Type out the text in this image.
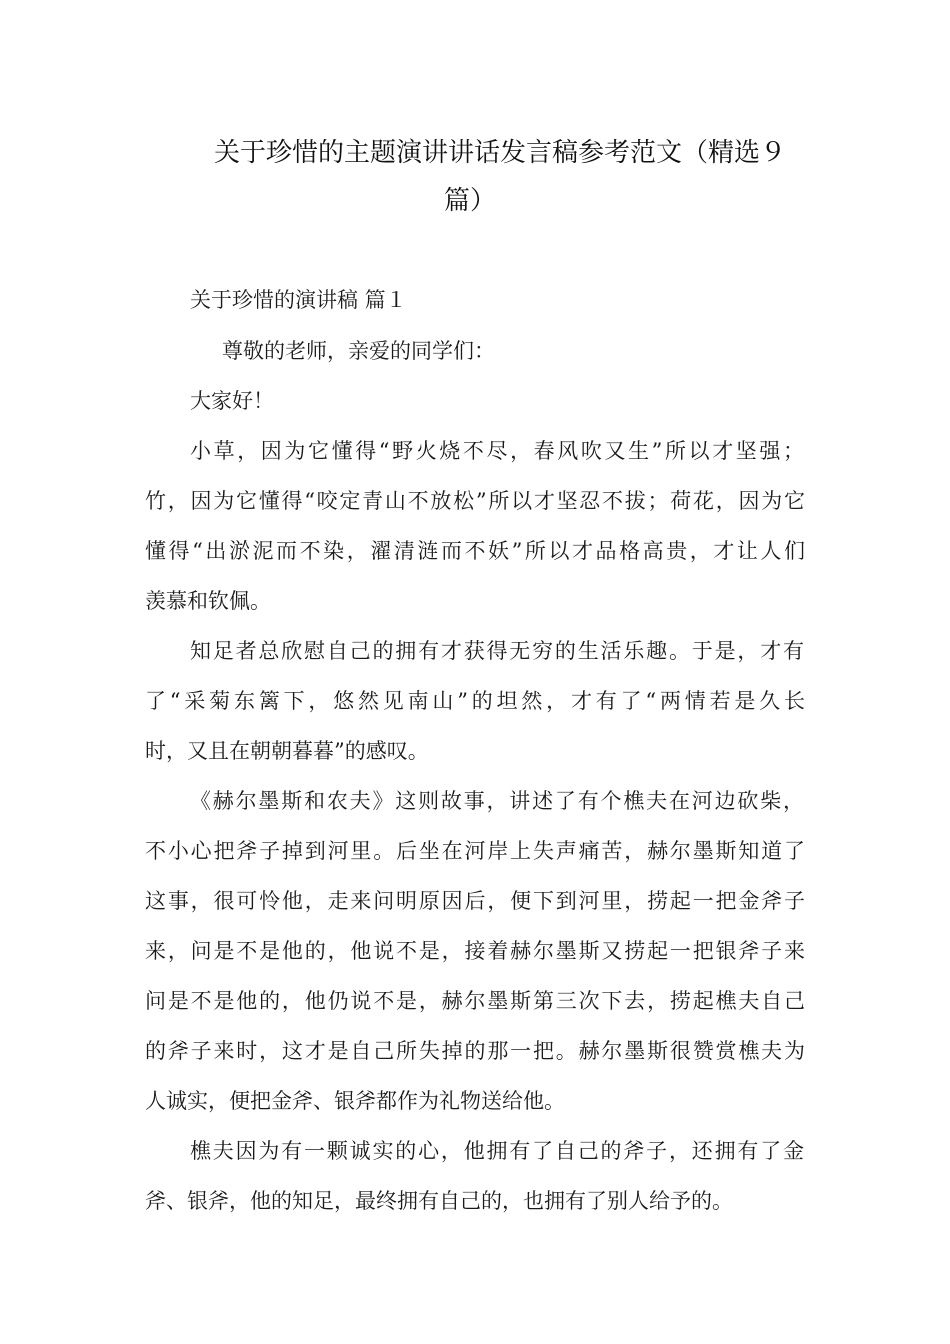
关于珍惜的主题演讲讲话发言稿参考范文（精选９
篇）

关于珍惜的演讲稿 篇１

尊敬的老师，亲爱的同学们：

大家好！

小草，因为它懂得“野火烧不尽，春风吹又生”所以才坚强；

竹，因为它懂得“咬定青山不放松”所以才坚忍不拔；荷花，因为它

懂得“出淤泥而不染，濯清涟而不妖”所以才品格高贵，才让人们

羡慕和钦佩。

知足者总欣慰自己的拥有才获得无穷的生活乐趣。于是，才有

了“采菊东篱下，悠然见南山”的坦然，才有了“两情若是久长

时，又且在朝朝暮暮”的感叹。

《赫尔墨斯和农夫》这则故事，讲述了有个樵夫在河边砍柴，

不小心把斧子掉到河里。后坐在河岸上失声痛苦，赫尔墨斯知道了

这事，很可怜他，走来问明原因后，便下到河里，捞起一把金斧子

来，问是不是他的，他说不是，接着赫尔墨斯又捞起一把银斧子来

问是不是他的，他仍说不是，赫尔墨斯第三次下去，捞起樵夫自己

的斧子来时，这才是自己所失掉的那一把。赫尔墨斯很赞赏樵夫为

人诚实，便把金斧、银斧都作为礼物送给他。

樵夫因为有一颗诚实的心，他拥有了自己的斧子，还拥有了金

斧、银斧，他的知足，最终拥有自己的，也拥有了别人给予的。
